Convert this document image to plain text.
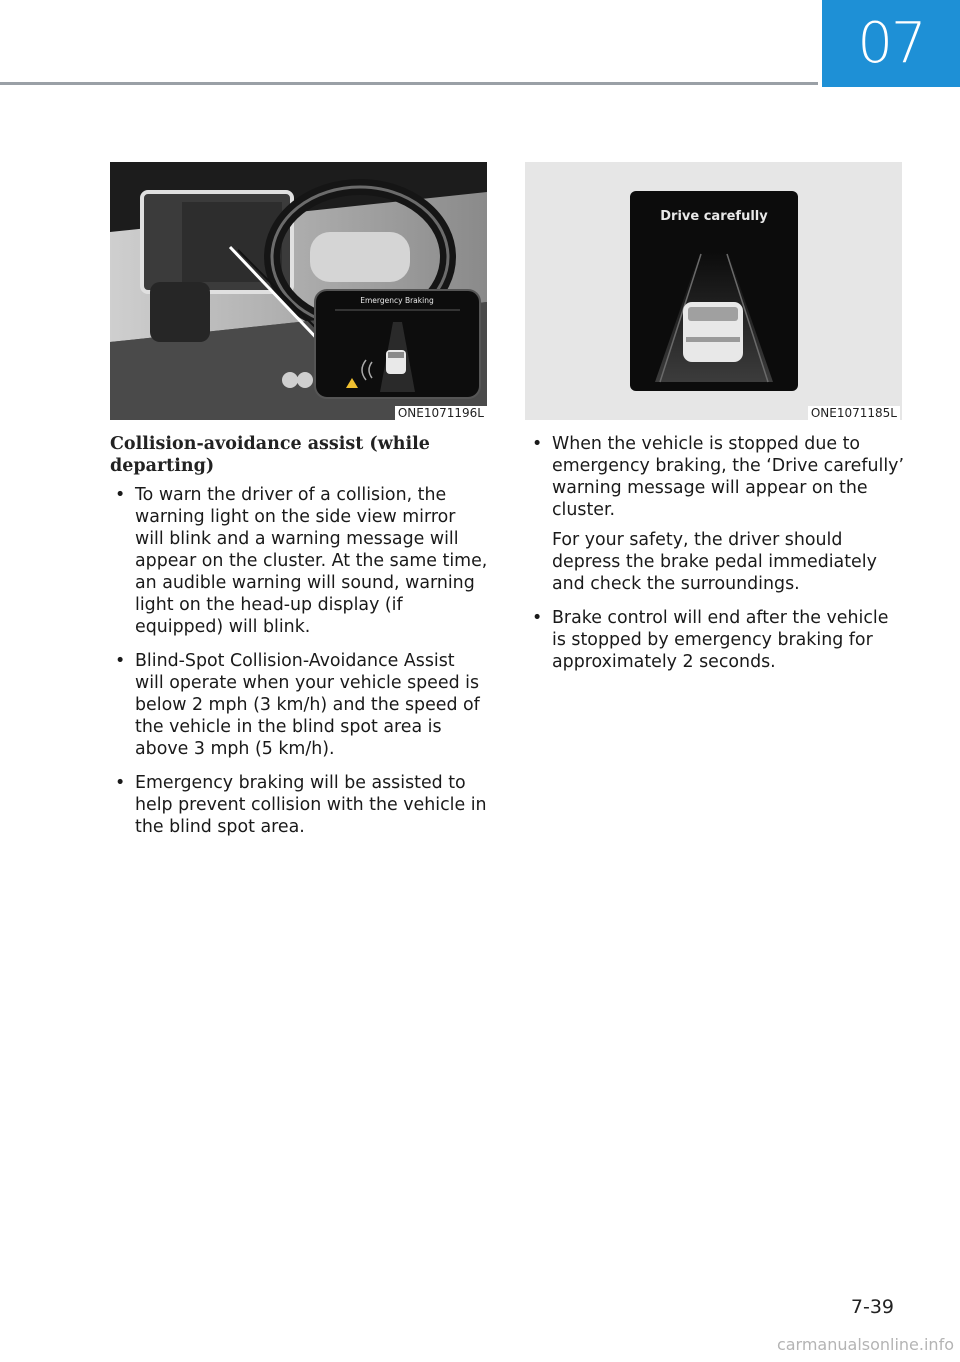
07
Emergency Braking
ONE1071196L
Drive carefully
ONE1071185L
Collision-avoidance assist (while departing)
• To warn the driver of a collision, the warning light on the side view mirror will blink and a warning message will appear on the cluster. At the same time, an audible warning will sound, warning light on the head-up display (if equipped) will blink.
• Blind-Spot Collision-Avoidance Assist will operate when your vehicle speed is below 2 mph (3 km/h) and the speed of the vehicle in the blind spot area is above 3 mph (5 km/h).
• Emergency braking will be assisted to help prevent collision with the vehicle in the blind spot area.
• When the vehicle is stopped due to emergency braking, the ‘Drive carefully’ warning message will appear on the cluster.
For your safety, the driver should depress the brake pedal immediately and check the surroundings.
• Brake control will end after the vehicle is stopped by emergency braking for approximately 2 seconds.
7-39
carmanualsonline.info
